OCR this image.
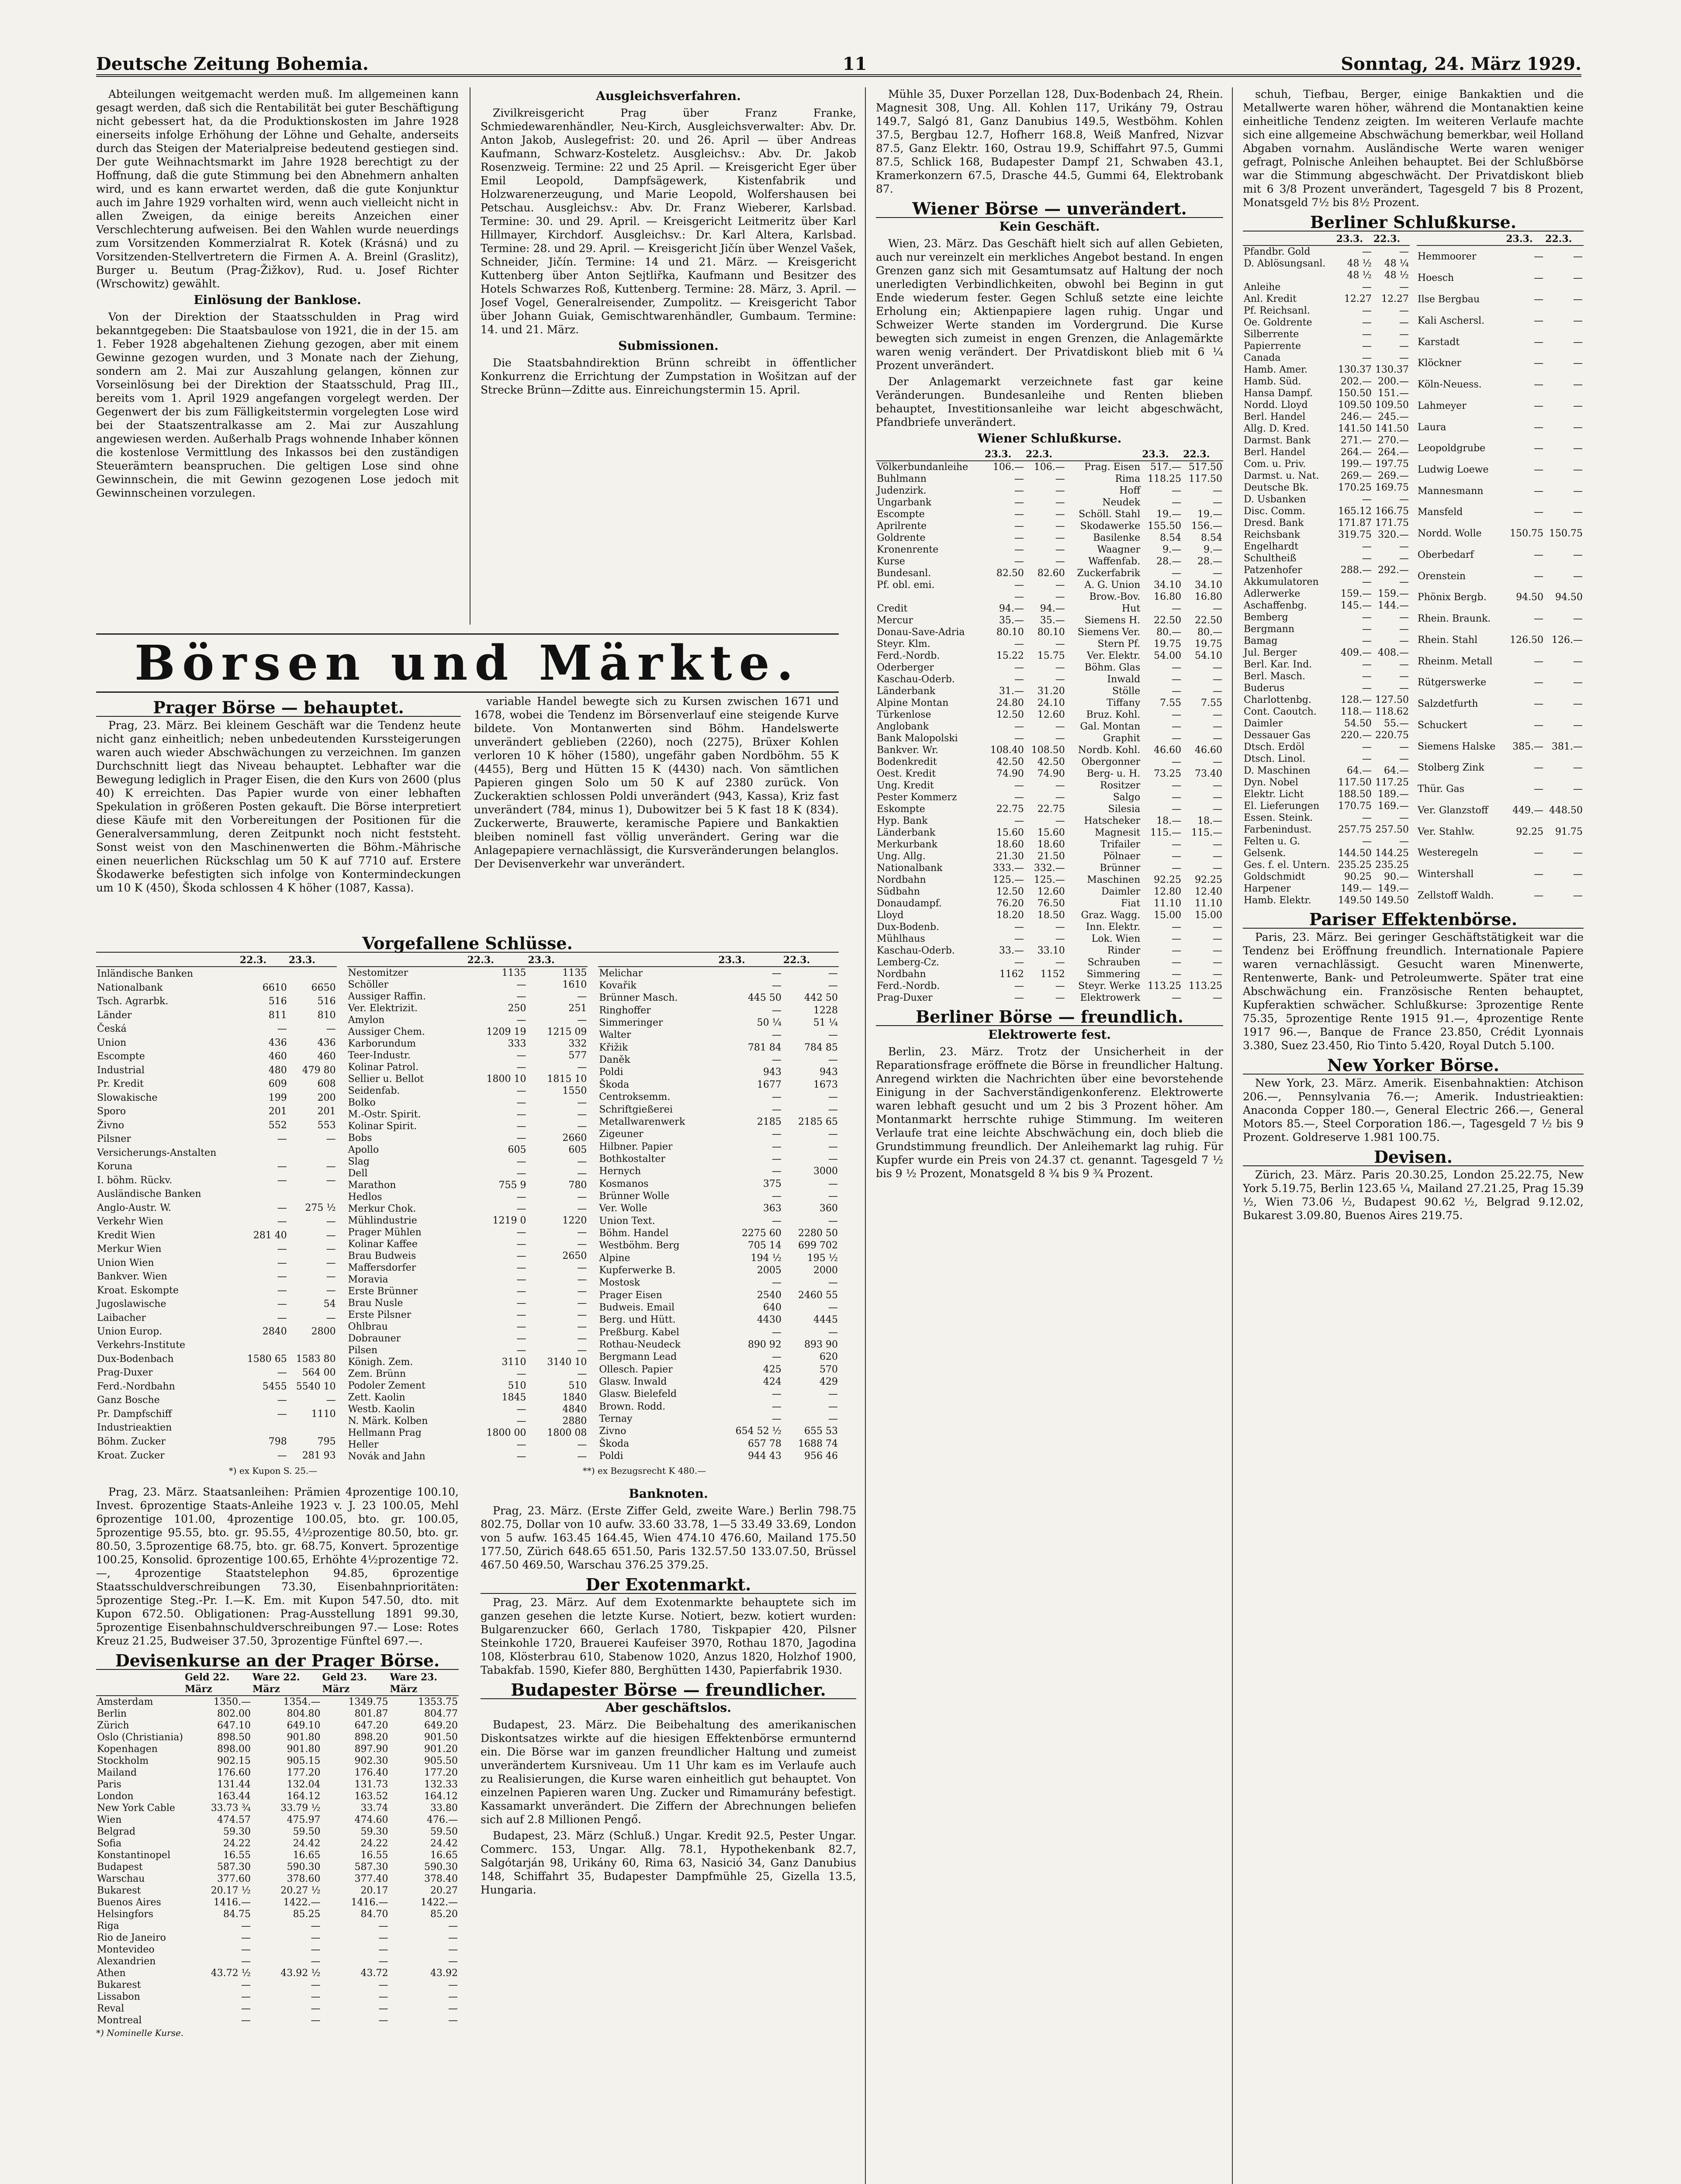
Deutsche Zeitung Bohemia.	11	Sonntag, 24. März 1929.

Abteilungen weitgemacht werden muß. Im allgemeinen kann gesagt werden, daß sich die Rentabilität bei guter Beschäftigung nicht gebessert hat, da die Produktionskosten im Jahre 1928 einerseits infolge Erhöhung der Löhne und Gehalte, anderseits durch das Steigen der Materialpreise bedeutend gestiegen sind. Der gute Weihnachtsmarkt im Jahre 1928 berechtigt zu der Hoffnung, daß die gute Stimmung bei den Abnehmern anhalten wird, und es kann erwartet werden, daß die gute Konjunktur auch im Jahre 1929 vorhalten wird, wenn auch vielleicht nicht in allen Zweigen, da einige bereits Anzeichen einer Verschlechterung aufweisen. Bei den Wahlen wurde neuerdings zum Vorsitzenden Kommerzialrat R. Kotek (Krásná) und zu Vorsitzenden-Stellvertretern die Firmen A. A. Breinl (Graslitz), Burger u. Beutum (Prag-Žižkov), Rud. u. Josef Richter (Wrschowitz) gewählt.

Einlösung der Banklose.

Von der Direktion der Staatsschulden in Prag wird bekanntgegeben: Die Staatsbaulose von 1921, die in der 15. am 1. Feber 1928 abgehaltenen Ziehung gezogen, aber mit einem Gewinne gezogen wurden, und 3 Monate nach der Ziehung, sondern am 2. Mai zur Auszahlung gelangen, können zur Vorseinlösung bei der Direktion der Staatsschuld, Prag III., bereits vom 1. April 1929 angefangen vorgelegt werden. Der Gegenwert der bis zum Fälligkeitstermin vorgelegten Lose wird bei der Staatszentralkasse am 2. Mai zur Auszahlung angewiesen werden. Außerhalb Prags wohnende Inhaber können die kostenlose Vermittlung des Inkassos bei den zuständigen Steuerämtern beanspruchen. Die geltigen Lose sind ohne Gewinnschein, die mit Gewinn gezogenen Lose jedoch mit Gewinnscheinen vorzulegen.

Ausgleichsverfahren.

Zivilkreisgericht Prag über Franz Franke, Schmiedewarenhändler, Neu-Kirch, Ausgleichsverwalter: Abv. Dr. Anton Jakob, Auslegefrist: 20. und 26. April — über Andreas Kaufmann, Schwarz-Kosteletz. Ausgleichsv.: Abv. Dr. Jakob Rosenzweig. Termine: 22 und 25 April. — Kreisgericht Eger über Emil Leopold, Dampfsägewerk, Kistenfabrik und Holzwarenerzeugung, und Marie Leopold, Wolfershausen bei Petschau. Ausgleichsv.: Abv. Dr. Franz Wieberer, Karlsbad. Termine: 30. und 29. April. — Kreisgericht Leitmeritz über Karl Hillmayer, Kirchdorf. Ausgleichsv.: Dr. Karl Altera, Karlsbad. Termine: 28. und 29. April. — Kreisgericht Jičín über Wenzel Vašek, Schneider, Jičín. Termine: 14 und 21. März. — Kreisgericht Kuttenberg über Anton Sejtliřka, Kaufmann und Besitzer des Hotels Schwarzes Roß, Kuttenberg. Termine: 28. März, 3. April. — Josef Vogel, Generalreisender, Zumpolitz. — Kreisgericht Tabor über Johann Guiak, Gemischtwarenhändler, Gumbaum. Termine: 14. und 21. März.

Submissionen.

Die Staatsbahndirektion Brünn schreibt in öffentlicher Konkurrenz die Errichtung der Zumpstation in Wošitzan auf der Strecke Brünn—Zditte aus. Einreichungstermin 15. April.

Börsen und Märkte.
Prager Börse — behauptet.

Prag, 23. März. Bei kleinem Geschäft war die Tendenz heute nicht ganz einheitlich; neben unbedeutenden Kurssteigerungen waren auch wieder Abschwächungen zu verzeichnen. Im ganzen Durchschnitt liegt das Niveau behauptet. Lebhafter war die Bewegung lediglich in Prager Eisen, die den Kurs von 2600 (plus 40) K erreichten. Das Papier wurde von einer lebhaften Spekulation in größeren Posten gekauft. Die Börse interpretiert diese Käufe mit den Vorbereitungen der Positionen für die Generalversammlung, deren Zeitpunkt noch nicht feststeht. Sonst weist von den Maschinenwerten die Böhm.-Mährische einen neuerlichen Rückschlag um 50 K auf 7710 auf. Erstere Škodawerke befestigten sich infolge von Kontermindeckungen um 10 K (450), Škoda schlossen 4 K höher (1087, Kassa).

variable Handel bewegte sich zu Kursen zwischen 1671 und 1678, wobei die Tendenz im Börsenverlauf eine steigende Kurve bildete. Von Montanwerten sind Böhm. Handelswerte unverändert geblieben (2260), noch (2275), Brüxer Kohlen verloren 10 K höher (1580), ungefähr gaben Nordböhm. 55 K (4455), Berg und Hütten 15 K (4430) nach. Von sämtlichen Papieren gingen Solo um 50 K auf 2380 zurück. Von Zuckeraktien schlossen Poldi unverändert (943, Kassa), Kriz fast unverändert (784, minus 1), Dubowitzer bei 5 K fast 18 K (834). Zuckerwerte, Brauwerte, keramische Papiere und Bankaktien bleiben nominell fast völlig unverändert. Gering war die Anlagepapiere vernachlässigt, die Kursveränderungen belanglos. Der Devisenverkehr war unverändert.

Vorgefallene Schlüsse.
	22.3.	23.3.
Inländische Banken		
Nationalbank	6610	6650
Tsch. Agrarbk.	516	516
Länder	811	810
Česká	—	—
Union	436	436
Escompte	460	460
Industrial	480	479 80
Pr. Kredit	609	608
Slowakische	199	200
Sporo	201	201
Živno	552	553
Pilsner	—	—
Versicherungs-Anstalten		
Koruna	—	—
I. böhm. Rückv.	—	—
Ausländische Banken		
Anglo-Austr. W.	—	275 ½
Verkehr Wien	—	—
Kredit Wien	281 40	—
Merkur Wien	—	—
Union Wien	—	—
Bankver. Wien	—	—
Kroat. Eskompte	—	—
Jugoslawische	—	54
Laibacher	—	—
Union Europ.	2840	2800
Verkehrs-Institute		
Dux-Bodenbach	1580 65	1583 80
Prag-Duxer	—	564 00
Ferd.-Nordbahn	5455	5540 10
Ganz Bosche	—	—
Pr. Dampfschiff	—	1110
Industrieaktien		
Böhm. Zucker	798	795
Kroat. Zucker	—	281 93
	22.3.	23.3.
Nestomitzer	1135	1135
Schöller	—	1610
Aussiger Raffin.	—	—
Ver. Elektrizit.	250	251
Amylon	—	—
Aussiger Chem.	1209 19	1215 09
Karborundum	333	332
Teer-Industr.	—	577
Kolinar Patrol.	—	—
Sellier u. Bellot	1800 10	1815 10
Seidenfab.	—	1550
Bolko	—	—
M.-Ostr. Spirit.	—	—
Kolinar Spirit.	—	—
Bobs	—	2660
Apollo	605	605
Slag	—	—
Dell	—	—
Marathon	755 9	780
Hedlos	—	—
Merkur Chok.	—	—
Mühlindustrie	1219 0	1220
Prager Mühlen	—	—
Kolinar Kaffee	—	—
Brau Budweis	—	2650
Maffersdorfer	—	—
Moravia	—	—
Erste Brünner	—	—
Brau Nusle	—	—
Erste Pilsner	—	—
Ohlbrau	—	—
Dobrauner	—	—
Pilsen	—	—
Königh. Zem.	3110	3140 10
Zem. Brünn	—	—
Podoler Zement	510	510
Zett. Kaolin	1845	1840
Westb. Kaolin	—	4840
N. Märk. Kolben	—	2880
Hellmann Prag	1800 00	1800 08
Heller	—	—
Novák and Jahn	—	—
	23.3.	22.3.
Melichar	—	—
Kovařik	—	—
Brünner Masch.	445 50	442 50
Ringhoffer	—	1228
Simmeringer	50 ¼	51 ¼
Walter	—	—
Křižik	781 84	784 85
Daněk	—	—
Poldi	943	943
Škoda	1677	1673
Centroksemm.	—	—
Schriftgießerei	—	—
Metallwarenwerk	2185	2185 65
Zigeuner	—	—
Hilbner. Papier	—	—
Bothkostalter	—	—
Hernych	—	3000
Kosmanos	375	—
Brünner Wolle	—	—
Ver. Wolle	363	360
Union Text.	—	—
Böhm. Handel	2275 60	2280 50
Westböhm. Berg	705 14	699 702
Alpine	194 ½	195 ½
Kupferwerke B.	2005	2000
Mostosk	—	—
Prager Eisen	2540	2460 55
Budweis. Email	640	—
Berg. und Hütt.	4430	4445
Preßburg. Kabel	—	—
Rothau-Neudeck	890 92	893 90
Bergmann Lead	—	620
Ollesch. Papier	425	570
Glasw. Inwald	424	429
Glasw. Bielefeld	—	—
Brown. Rodd.	—	—
Ternay	—	—
Zivno	654 52 ½	655 53
Škoda	657 78	1688 74
Poldi	944 43	956 46
*) ex Kupon S. 25.—	**) ex Bezugsrecht K 480.—

Prag, 23. März. Staatsanleihen: Prämien 4prozentige 100.10, Invest. 6prozentige Staats-Anleihe 1923 v. J. 23 100.05, Mehl 6prozentige 101.00, 4prozentige 100.05, bto. gr. 100.05, 5prozentige 95.55, bto. gr. 95.55, 4½prozentige 80.50, bto. gr. 80.50, 3.5prozentige 68.75, bto. gr. 68.75, Konvert. 5prozentige 100.25, Konsolid. 6prozentige 100.65, Erhöhte 4½prozentige 72.—, 4prozentige Staatstelephon 94.85, 6prozentige Staatsschuldverschreibungen 73.30, Eisenbahnprioritäten: 5prozentige Steg.-Pr. I.—K. Em. mit Kupon 547.50, dto. mit Kupon 672.50. Obligationen: Prag-Ausstellung 1891 99.30, 5prozentige Eisenbahnschuldverschreibungen 97.— Lose: Rotes Kreuz 21.25, Budweiser 37.50, 3prozentige Fünftel 697.—.

Devisenkurse an der Prager Börse.
	Geld 22. März	Ware 22. März	Geld 23. März	Ware 23. März
Amsterdam	1350.—	1354.—	1349.75	1353.75
Berlin	802.00	804.80	801.87	804.77
Zürich	647.10	649.10	647.20	649.20
Oslo (Christiania)	898.50	901.80	898.20	901.50
Kopenhagen	898.00	901.80	897.90	901.20
Stockholm	902.15	905.15	902.30	905.50
Mailand	176.60	177.20	176.40	177.20
Paris	131.44	132.04	131.73	132.33
London	163.44	164.12	163.52	164.12
New York Cable	33.73 ¾	33.79 ½	33.74	33.80
Wien	474.57	475.97	474.60	476.—
Belgrad	59.30	59.50	59.30	59.50
Sofia	24.22	24.42	24.22	24.42
Konstantinopel	16.55	16.65	16.55	16.65
Budapest	587.30	590.30	587.30	590.30
Warschau	377.60	378.60	377.40	378.40
Bukarest	20.17 ½	20.27 ½	20.17	20.27
Buenos Aires	1416.—	1422.—	1416.—	1422.—
Helsingfors	84.75	85.25	84.70	85.20
Riga	—	—	—	—
Rio de Janeiro	—	—	—	—
Montevideo	—	—	—	—
Alexandrien	—	—	—	—
Athen	43.72 ½	43.92 ½	43.72	43.92
Bukarest	—	—	—	—
Lissabon	—	—	—	—
Reval	—	—	—	—
Montreal	—	—	—	—
*) Nominelle Kurse.
Banknoten.

Prag, 23. März. (Erste Ziffer Geld, zweite Ware.) Berlin 798.75 802.75, Dollar von 10 aufw. 33.60 33.78, 1—5 33.49 33.69, London von 5 aufw. 163.45 164.45, Wien 474.10 476.60, Mailand 175.50 177.50, Zürich 648.65 651.50, Paris 132.57.50 133.07.50, Brüssel 467.50 469.50, Warschau 376.25 379.25.

Der Exotenmarkt.

Prag, 23. März. Auf dem Exotenmarkte behauptete sich im ganzen gesehen die letzte Kurse. Notiert, bezw. kotiert wurden: Bulgarenzucker 660, Gerlach 1780, Tiskpapier 420, Pilsner Steinkohle 1720, Brauerei Kaufeiser 3970, Rothau 1870, Jagodina 108, Klösterbrau 610, Stabenow 1020, Anzus 1820, Holzhof 1900, Tabakfab. 1590, Kiefer 880, Berghütten 1430, Papierfabrik 1930.

Budapester Börse — freundlicher.
Aber geschäftslos.

Budapest, 23. März. Die Beibehaltung des amerikanischen Diskontsatzes wirkte auf die hiesigen Effektenbörse ermunternd ein. Die Börse war im ganzen freundlicher Haltung und zumeist unverändertem Kursniveau. Um 11 Uhr kam es im Verlaufe auch zu Realisierungen, die Kurse waren einheitlich gut behauptet. Von einzelnen Papieren waren Ung. Zucker und Rimamurány befestigt. Kassamarkt unverändert. Die Ziffern der Abrechnungen beliefen sich auf 2.8 Millionen Pengő.

Budapest, 23. März (Schluß.) Ungar. Kredit 92.5, Pester Ungar. Commerc. 153, Ungar. Allg. 78.1, Hypothekenbank 82.7, Salgótarján 98, Urikány 60, Rima 63, Nasició 34, Ganz Danubius 148, Schiffahrt 35, Budapester Dampfmühle 25, Gizella 13.5, Hungaria.

Mühle 35, Duxer Porzellan 128, Dux-Bodenbach 24, Rhein. Magnesit 308, Ung. All. Kohlen 117, Urikány 79, Ostrau 149.7, Salgó 81, Ganz Danubius 149.5, Westböhm. Kohlen 37.5, Bergbau 12.7, Hofherr 168.8, Weiß Manfred, Nizvar 87.5, Ganz Elektr. 160, Ostrau 19.9, Schiffahrt 97.5, Gummi 87.5, Schlick 168, Budapester Dampf 21, Schwaben 43.1, Kramerkonzern 67.5, Drasche 44.5, Gummi 64, Elektrobank 87.

Wiener Börse — unverändert.
Kein Geschäft.

Wien, 23. März. Das Geschäft hielt sich auf allen Gebieten, auch nur vereinzelt ein merkliches Angebot bestand. In engen Grenzen ganz sich mit Gesamtumsatz auf Haltung der noch unerledigten Verbindlichkeiten, obwohl bei Beginn in gut Ende wiederum fester. Gegen Schluß setzte eine leichte Erholung ein; Aktienpapiere lagen ruhig. Ungar und Schweizer Werte standen im Vordergrund. Die Kurse bewegten sich zumeist in engen Grenzen, die Anlagemärkte waren wenig verändert. Der Privatdiskont blieb mit 6 ¼ Prozent unverändert.

Der Anlagemarkt verzeichnete fast gar keine Veränderungen. Bundesanleihe und Renten blieben behauptet, Investitionsanleihe war leicht abgeschwächt, Pfandbriefe unverändert.

Wiener Schlußkurse.
	23.3.	22.3.		23.3.	22.3.
Völkerbundanleihe	106.—	106.—	Prag. Eisen	517.—	517.50
Buhlmann	—	—	Rima	118.25	117.50
Judenzirk.	—	—	Hoff	—	—
Ungarbank	—	—	Neudek	—	—
Escompte	—	—	Schöll. Stahl	19.—	19.—
Aprilrente	—	—	Skodawerke	155.50	156.—
Goldrente	—	—	Basilenke	8.54	8.54
Kronenrente	—	—	Waagner	9.—	9.—
Kurse	—	—	Waffenfab.	28.—	28.—
Bundesanl.	82.50	82.60	Zuckerfabrik	—	—
Pf. obl. emi.	—	—	A. G. Union	34.10	34.10
	—	—	Brow.-Bov.	16.80	16.80
Credit	94.—	94.—	Hut	—	—
Mercur	35.—	35.—	Siemens H.	22.50	22.50
Donau-Save-Adria	80.10	80.10	Siemens Ver.	80.—	80.—
Steyr. Klm.	—	—	Stern Pf.	19.75	19.75
Ferd.-Nordb.	15.22	15.75	Ver. Elektr.	54.00	54.10
Oderberger	—	—	Böhm. Glas	—	—
Kaschau-Oderb.	—	—	Inwald	—	—
Länderbank	31.—	31.20	Stölle	—	—
Alpine Montan	24.80	24.10	Tiffany	7.55	7.55
Türkenlose	12.50	12.60	Bruz. Kohl.	—	—
Anglobank	—	—	Gal. Montan	—	—
Bank Malopolski	—	—	Graphit	—	—
Bankver. Wr.	108.40	108.50	Nordb. Kohl.	46.60	46.60
Bodenkredit	42.50	42.50	Obergonner	—	—
Oest. Kredit	74.90	74.90	Berg- u. H.	73.25	73.40
Ung. Kredit	—	—	Rositzer	—	—
Pester Kommerz	—	—	Salgo	—	—
Eskompte	22.75	22.75	Silesia	—	—
Hyp. Bank	—	—	Hatscheker	18.—	18.—
Länderbank	15.60	15.60	Magnesit	115.—	115.—
Merkurbank	18.60	18.60	Trifailer	—	—
Ung. Allg.	21.30	21.50	Pölnaer	—	—
Nationalbank	333.—	332.—	Brünner	—	—
Nordbahn	125.—	125.—	Maschinen	92.25	92.25
Südbahn	12.50	12.60	Daimler	12.80	12.40
Donaudampf.	76.20	76.50	Fiat	11.10	11.10
Lloyd	18.20	18.50	Graz. Wagg.	15.00	15.00
Dux-Bodenb.	—	—	Inn. Elektr.	—	—
Mühlhaus	—	—	Lok. Wien	—	—
Kaschau-Oderb.	33.—	33.10	Rinder	—	—
Lemberg-Cz.	—	—	Schrauben	—	—
Nordbahn	1162	1152	Simmering	—	—
Ferd.-Nordb.	—	—	Steyr. Werke	113.25	113.25
Prag-Duxer	—	—	Elektrowerk	—	—
Berliner Börse — freundlich.
Elektrowerte fest.

Berlin, 23. März. Trotz der Unsicherheit in der Reparationsfrage eröffnete die Börse in freundlicher Haltung. Anregend wirkten die Nachrichten über eine bevorstehende Einigung in der Sachverständigenkonferenz. Elektrowerte waren lebhaft gesucht und um 2 bis 3 Prozent höher. Am Montanmarkt herrschte ruhige Stimmung. Im weiteren Verlaufe trat eine leichte Abschwächung ein, doch blieb die Grundstimmung freundlich. Der Anleihemarkt lag ruhig. Für Kupfer wurde ein Preis von 24.37 ct. genannt. Tagesgeld 7 ½ bis 9 ½ Prozent, Monatsgeld 8 ¾ bis 9 ¾ Prozent.

schuh, Tiefbau, Berger, einige Bankaktien und die Metallwerte waren höher, während die Montanaktien keine einheitliche Tendenz zeigten. Im weiteren Verlaufe machte sich eine allgemeine Abschwächung bemerkbar, weil Holland Abgaben vornahm. Ausländische Werte waren weniger gefragt, Polnische Anleihen behauptet. Bei der Schlußbörse war die Stimmung abgeschwächt. Der Privatdiskont blieb mit 6 3/8 Prozent unverändert, Tagesgeld 7 bis 8 Prozent, Monatsgeld 7½ bis 8½ Prozent.

Berliner Schlußkurse.
	23.3.	22.3.
Pfandbr. Gold	—	—
D. Ablösungsanl.	48 ½	48 ¼
	48 ½	48 ½
Anleihe	—	—
Anl. Kredit	12.27	12.27
Pf. Reichsanl.	—	—
Oe. Goldrente	—	—
Silberrente	—	—
Papierrente	—	—
Canada	—	—
Hamb. Amer.	130.37	130.37
Hamb. Süd.	202.—	200.—
Hansa Dampf.	150.50	151.—
Nordd. Lloyd	109.50	109.50
Berl. Handel	246.—	245.—
Allg. D. Kred.	141.50	141.50
Darmst. Bank	271.—	270.—
Berl. Handel	264.—	264.—
Com. u. Priv.	199.—	197.75
Darmst. u. Nat.	269.—	269.—
Deutsche Bk.	170.25	169.75
D. Usbanken	—	—
Disc. Comm.	165.12	166.75
Dresd. Bank	171.87	171.75
Reichsbank	319.75	320.—
Engelhardt	—	—
Schultheiß	—	—
Patzenhofer	288.—	292.—
Akkumulatoren	—	—
Adlerwerke	159.—	159.—
Aschaffenbg.	145.—	144.—
Bemberg	—	—
Bergmann	—	—
Bamag	—	—
Jul. Berger	409.—	408.—
Berl. Kar. Ind.	—	—
Berl. Masch.	—	—
Buderus	—	—
Charlottenbg.	128.—	127.50
Cont. Caoutch.	118.—	118.62
Daimler	54.50	55.—
Dessauer Gas	220.—	220.75
Dtsch. Erdöl	—	—
Dtsch. Linol.	—	—
D. Maschinen	64.—	64.—
Dyn. Nobel	117.50	117.25
Elektr. Licht	188.50	189.—
El. Lieferungen	170.75	169.—
Essen. Steink.	—	—
Farbenindust.	257.75	257.50
Felten u. G.	—	—
Gelsenk.	144.50	144.25
Ges. f. el. Untern.	235.25	235.25
Goldschmidt	90.25	90.—
Harpener	149.—	149.—
Hamb. Elektr.	149.50	149.50
	23.3.	22.3.
Hemmoorer	—	—
Hoesch	—	—
Ilse Bergbau	—	—
Kali Aschersl.	—	—
Karstadt	—	—
Klöckner	—	—
Köln-Neuess.	—	—
Lahmeyer	—	—
Laura	—	—
Leopoldgrube	—	—
Ludwig Loewe	—	—
Mannesmann	—	—
Mansfeld	—	—
Nordd. Wolle	150.75	150.75
Oberbedarf	—	—
Orenstein	—	—
Phönix Bergb.	94.50	94.50
Rhein. Braunk.	—	—
Rhein. Stahl	126.50	126.—
Rheinm. Metall	—	—
Rütgerswerke	—	—
Salzdetfurth	—	—
Schuckert	—	—
Siemens Halske	385.—	381.—
Stolberg Zink	—	—
Thür. Gas	—	—
Ver. Glanzstoff	449.—	448.50
Ver. Stahlw.	92.25	91.75
Westeregeln	—	—
Wintershall	—	—
Zellstoff Waldh.	—	—
Pariser Effektenbörse.

Paris, 23. März. Bei geringer Geschäftstätigkeit war die Tendenz bei Eröffnung freundlich. Internationale Papiere waren vernachlässigt. Gesucht waren Minenwerte, Rentenwerte, Bank- und Petroleumwerte. Später trat eine Abschwächung ein. Französische Renten behauptet, Kupferaktien schwächer. Schlußkurse: 3prozentige Rente 75.35, 5prozentige Rente 1915 91.—, 4prozentige Rente 1917 96.—, Banque de France 23.850, Crédit Lyonnais 3.380, Suez 23.450, Rio Tinto 5.420, Royal Dutch 5.100.

New Yorker Börse.

New York, 23. März. Amerik. Eisenbahnaktien: Atchison 206.—, Pennsylvania 76.—; Amerik. Industrieaktien: Anaconda Copper 180.—, General Electric 266.—, General Motors 85.—, Steel Corporation 186.—, Tagesgeld 7 ½ bis 9 Prozent. Goldreserve 1.981 100.75.

Devisen.

Zürich, 23. März. Paris 20.30.25, London 25.22.75, New York 5.19.75, Berlin 123.65 ¼, Mailand 27.21.25, Prag 15.39 ½, Wien 73.06 ½, Budapest 90.62 ½, Belgrad 9.12.02, Bukarest 3.09.80, Buenos Aires 219.75.
